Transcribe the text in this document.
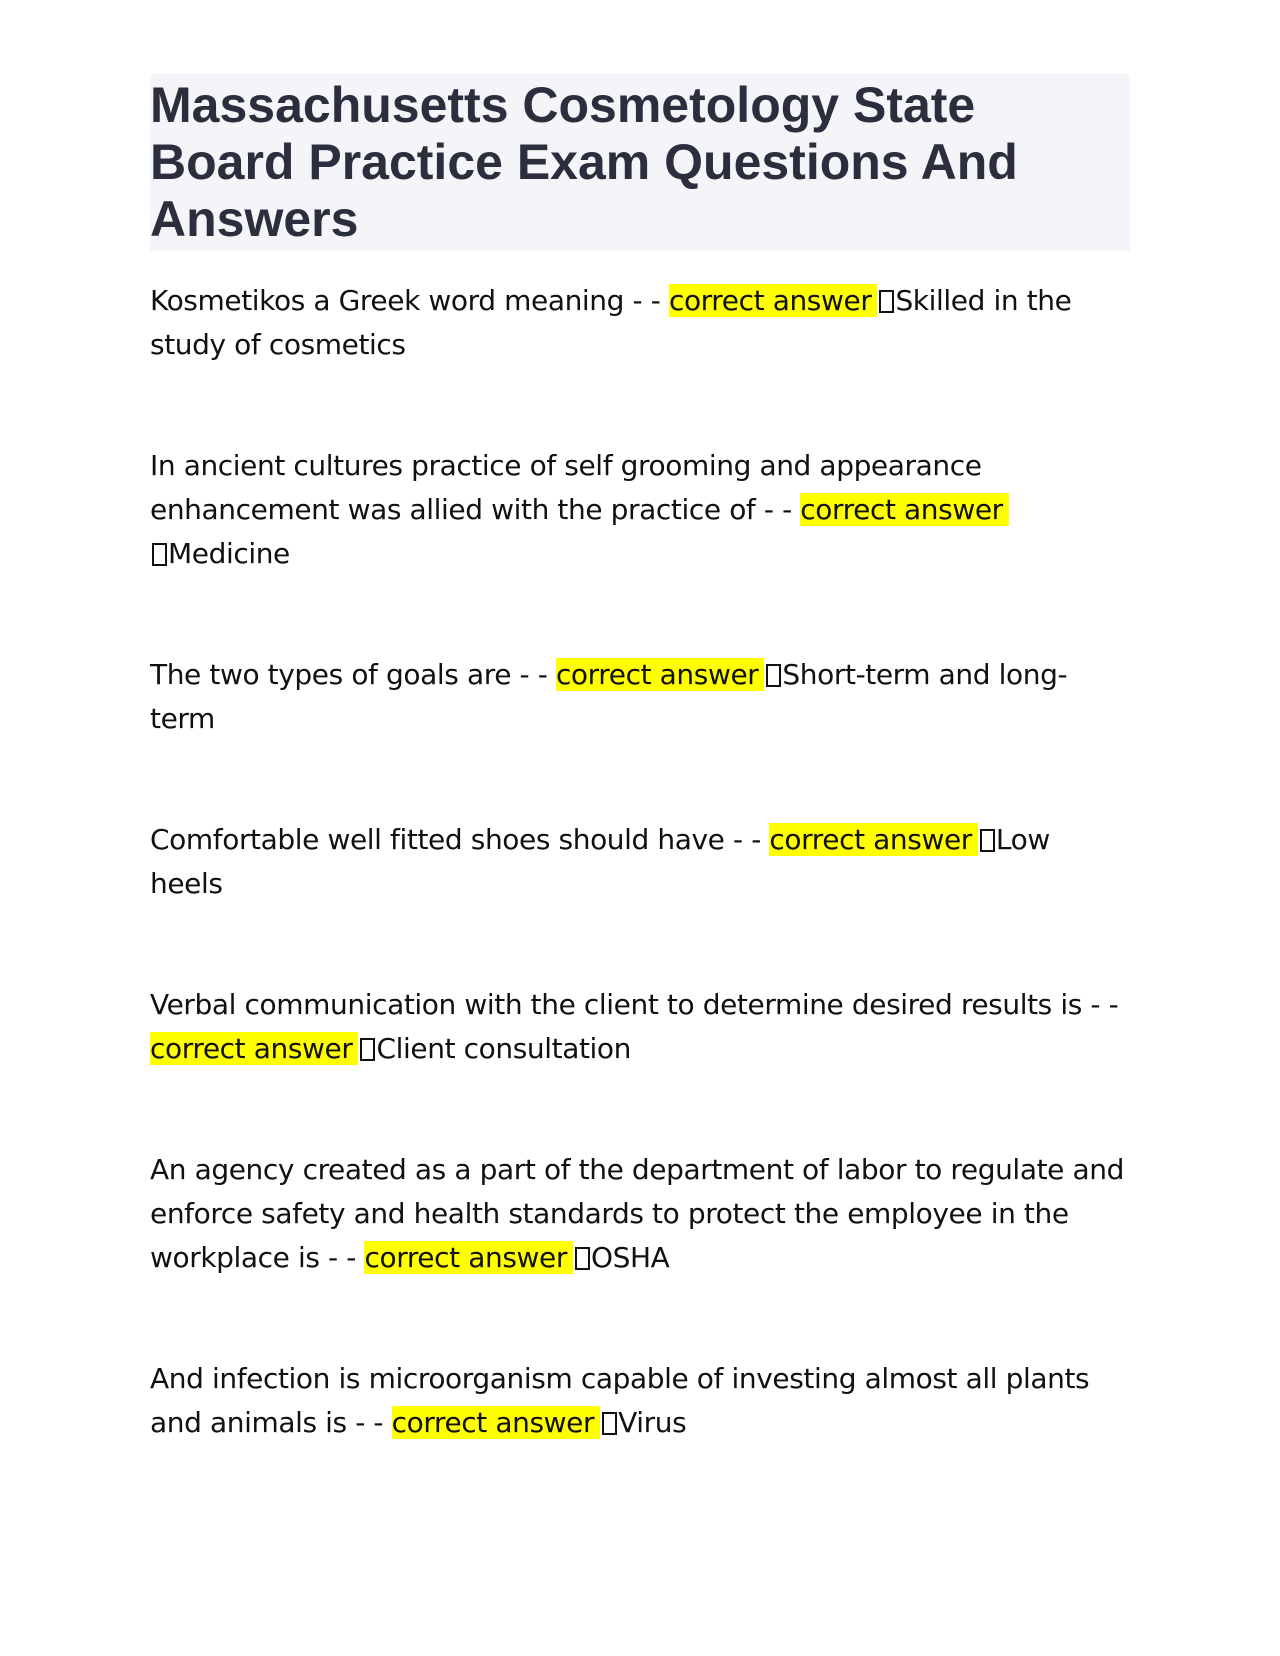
Massachusetts Cosmetology State Board Practice Exam Questions And Answers

Kosmetikos a Greek word meaning - - correct answer Skilled in the study of cosmetics

In ancient cultures practice of self grooming and appearance enhancement was allied with the practice of - - correct answer
Medicine

The two types of goals are - - correct answer Short-term and long-term

Comfortable well fitted shoes should have - - correct answer Low heels

Verbal communication with the client to determine desired results is - -
correct answer Client consultation

An agency created as a part of the department of labor to regulate and enforce safety and health standards to protect the employee in the workplace is - - correct answer OSHA

And infection is microorganism capable of investing almost all plants and animals is - - correct answer Virus
